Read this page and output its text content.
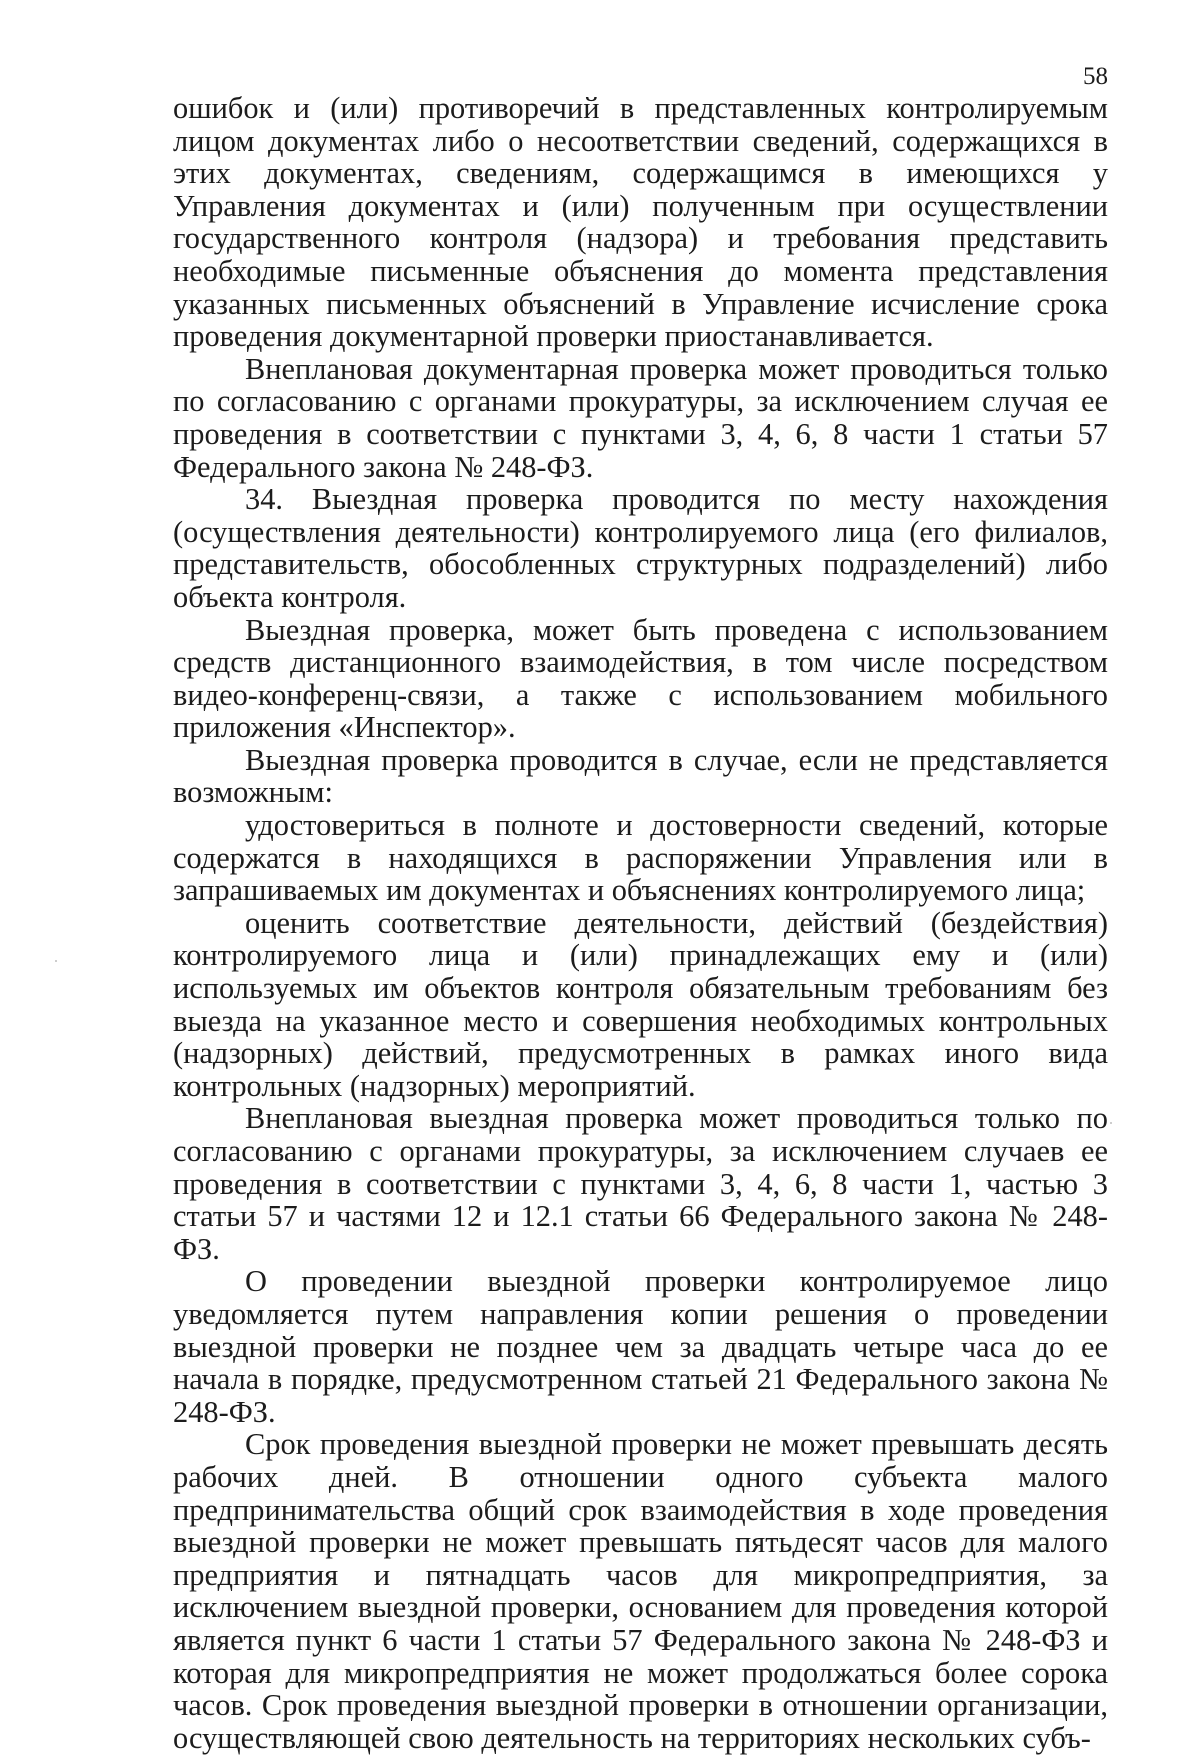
58

ошибок и (или) противоречий в представленных контролируемым лицом документах либо о несоответствии сведений, содержащихся в этих документах, сведениям, содержащимся в имеющихся у Управления документах и (или) полученным при осуществлении государственного контроля (надзора) и требования представить необходимые письменные объяснения до момента представления указанных письменных объяснений в Управление исчисление срока проведения документарной проверки приостанавливается.

Внеплановая документарная проверка может проводиться только по согласованию с органами прокуратуры, за исключением случая ее проведения в соответствии с пунктами 3, 4, 6, 8 части 1 статьи 57 Федерального закона № 248-ФЗ.

34. Выездная проверка проводится по месту нахождения (осуществления деятельности) контролируемого лица (его филиалов, представительств, обособленных структурных подразделений) либо объекта контроля.

Выездная проверка, может быть проведена с использованием средств дистанционного взаимодействия, в том числе посредством видео-конференц-связи, а также с использованием мобильного приложения «Инспектор».

Выездная проверка проводится в случае, если не представляется возможным:

удостовериться в полноте и достоверности сведений, которые содержатся в находящихся в распоряжении Управления или в запрашиваемых им документах и объяснениях контролируемого лица;

оценить соответствие деятельности, действий (бездействия) контролируемого лица и (или) принадлежащих ему и (или) используемых им объектов контроля обязательным требованиям без выезда на указанное место и совершения необходимых контрольных (надзорных) действий, предусмотренных в рамках иного вида контрольных (надзорных) мероприятий.

Внеплановая выездная проверка может проводиться только по согласованию с органами прокуратуры, за исключением случаев ее проведения в соответствии с пунктами 3, 4, 6, 8 части 1, частью 3 статьи 57 и частями 12 и 12.1 статьи 66 Федерального закона № 248-ФЗ.

О проведении выездной проверки контролируемое лицо уведомляется путем направления копии решения о проведении выездной проверки не позднее чем за двадцать четыре часа до ее начала в порядке, предусмотренном статьей 21 Федерального закона № 248-ФЗ.

Срок проведения выездной проверки не может превышать десять рабочих дней. В отношении одного субъекта малого предпринимательства общий срок взаимодействия в ходе проведения выездной проверки не может превышать пятьдесят часов для малого предприятия и пятнадцать часов для микропредприятия, за исключением выездной проверки, основанием для проведения которой является пункт 6 части 1 статьи 57 Федерального закона № 248-ФЗ и которая для микропредприятия не может продолжаться более сорока часов. Срок проведения выездной проверки в отношении организации, осуществляющей свою деятельность на территориях нескольких субъ-
